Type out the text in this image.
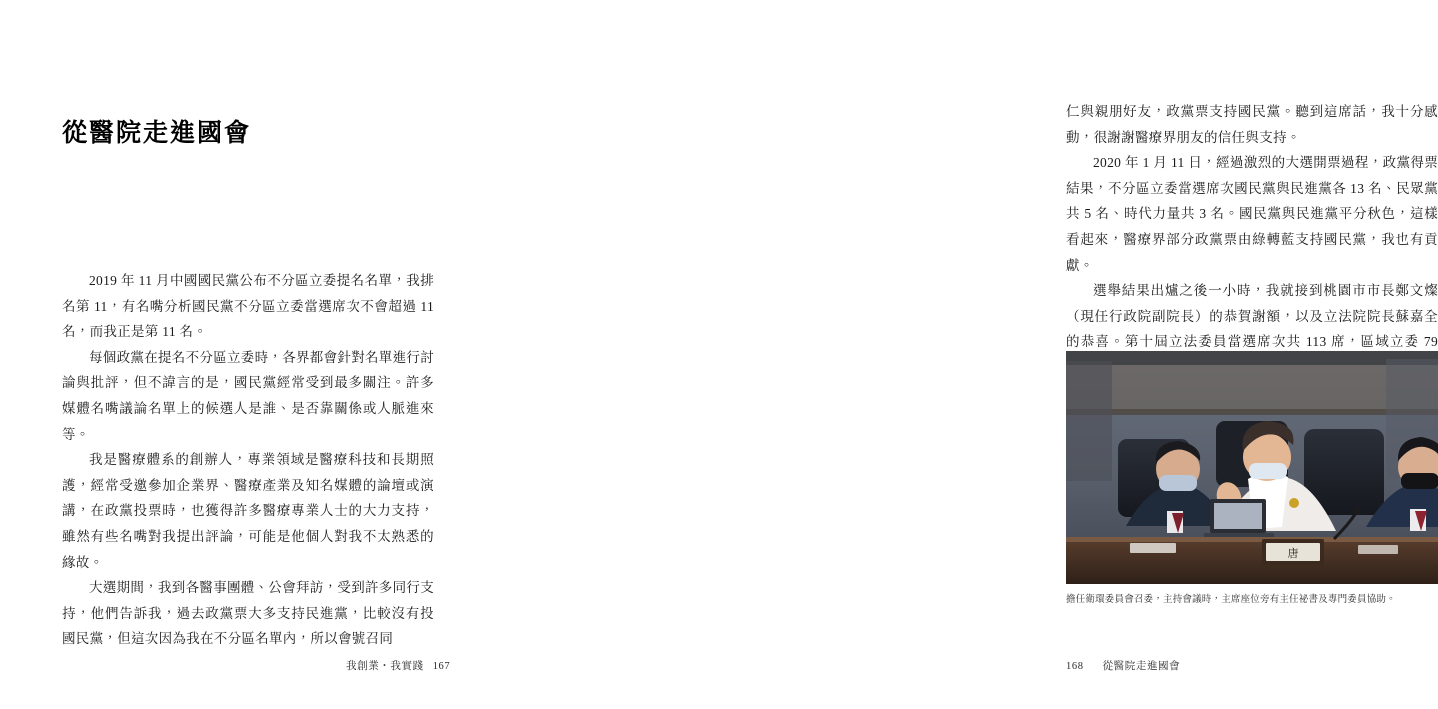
從醫院走進國會

2019 年 11 月中國國民黨公布不分區立委提名名單，我排名第 11，有名嘴分析國民黨不分區立委當選席次不會超過 11 名，而我正是第 11 名。

每個政黨在提名不分區立委時，各界都會針對名單進行討論與批評，但不諱言的是，國民黨經常受到最多關注。許多媒體名嘴議論名單上的候選人是誰、是否靠關係或人脈進來等。

我是醫療體系的創辦人，專業領域是醫療科技和長期照護，經常受邀參加企業界、醫療產業及知名媒體的論壇或演講，在政黨投票時，也獲得許多醫療專業人士的大力支持，雖然有些名嘴對我提出評論，可能是他個人對我不太熟悉的緣故。

大選期間，我到各醫事團體、公會拜訪，受到許多同行支持，他們告訴我，過去政黨票大多支持民進黨，比較沒有投國民黨，但這次因為我在不分區名單內，所以會號召同

我創業・我實踐 167

仁與親朋好友，政黨票支持國民黨。聽到這席話，我十分感動，很謝謝醫療界朋友的信任與支持。

2020 年 1 月 11 日，經過激烈的大選開票過程，政黨得票結果，不分區立委當選席次國民黨與民進黨各 13 名、民眾黨共 5 名、時代力量共 3 名。國民黨與民進黨平分秋色，這樣看起來，醫療界部分政黨票由綠轉藍支持國民黨，我也有貢獻。

選舉結果出爐之後一小時，我就接到桃園市市長鄭文燦（現任行政院副院長）的恭賀謝額，以及立法院院長蘇嘉全的恭喜。第十屆立法委員當選席次共 113 席，區域立委 79

唐
擔任衛環委員會召委，主持會議時，主席座位旁有主任祕書及專門委員協助。
168 從醫院走進國會
